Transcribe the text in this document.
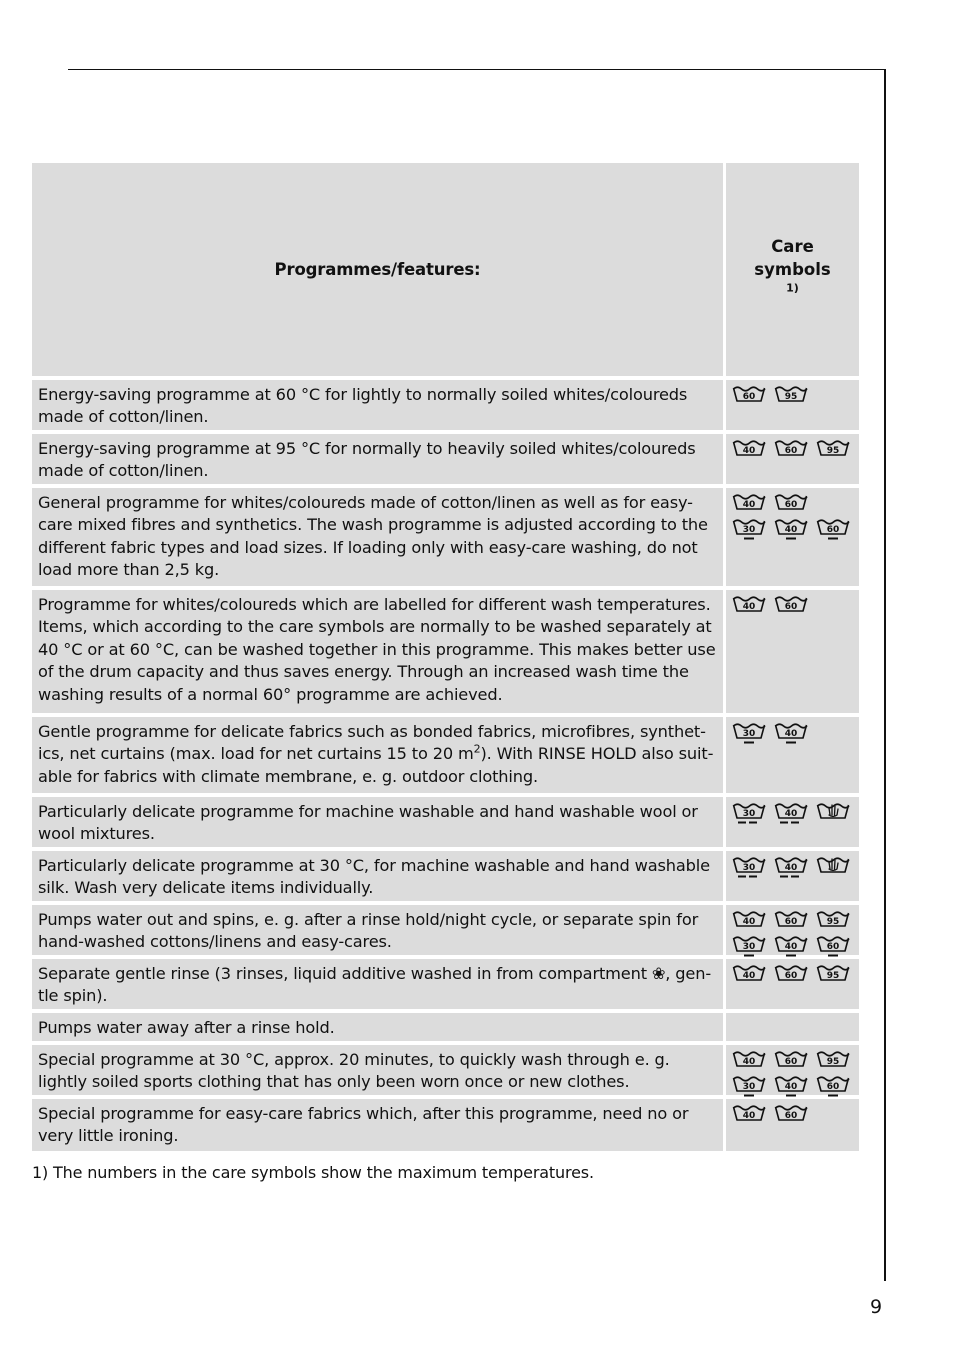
Programmes/features:
Care
symbols
$^{1)}$
Energy-saving programme at 60 °C for lightly to normally soiled whites/coloureds made of cotton/linen.
60	95
Energy-saving programme at 95 °C for normally to heavily soiled whites/coloureds made of cotton/linen.
40	60	95
General programme for whites/coloureds made of cotton/linen as well as for easy-care mixed fibres and synthetics. The wash programme is adjusted according to the different fabric types and load sizes. If loading only with easy-care washing, do not load more than 2,5 kg.
40	60
30	40	60
Programme for whites/coloureds which are labelled for different wash temperatures. Items, which according to the care symbols are normally to be washed separately at 40 °C or at 60 °C, can be washed together in this programme. This makes better use of the drum capacity and thus saves energy. Through an increased wash time the washing results of a normal 60° programme are achieved.
40	60
Gentle programme for delicate fabrics such as bonded fabrics, microfibres, synthet-ics, net curtains (max. load for net curtains 15 to 20 $m^2$). With RINSE HOLD also suit-able for fabrics with climate membrane, e. g. outdoor clothing.
30	40
Particularly delicate programme for machine washable and hand washable wool or wool mixtures.
30	40
Particularly delicate programme at 30 °C, for machine washable and hand washable silk. Wash very delicate items individually.
30	40
Pumps water out and spins, e. g. after a rinse hold/night cycle, or separate spin for hand-washed cottons/linens and easy-cares.
40	60	95
30	40	60
Separate gentle rinse (3 rinses, liquid additive washed in from compartment ❀, gen-tle spin).
40	60	95
Pumps water away after a rinse hold.
Special programme at 30 °C, approx. 20 minutes, to quickly wash through e. g. lightly soiled sports clothing that has only been worn once or new clothes.
40	60	95
30	40	60
Special programme for easy-care fabrics which, after this programme, need no or very little ironing.
40	60
1) The numbers in the care symbols show the maximum temperatures.
9
